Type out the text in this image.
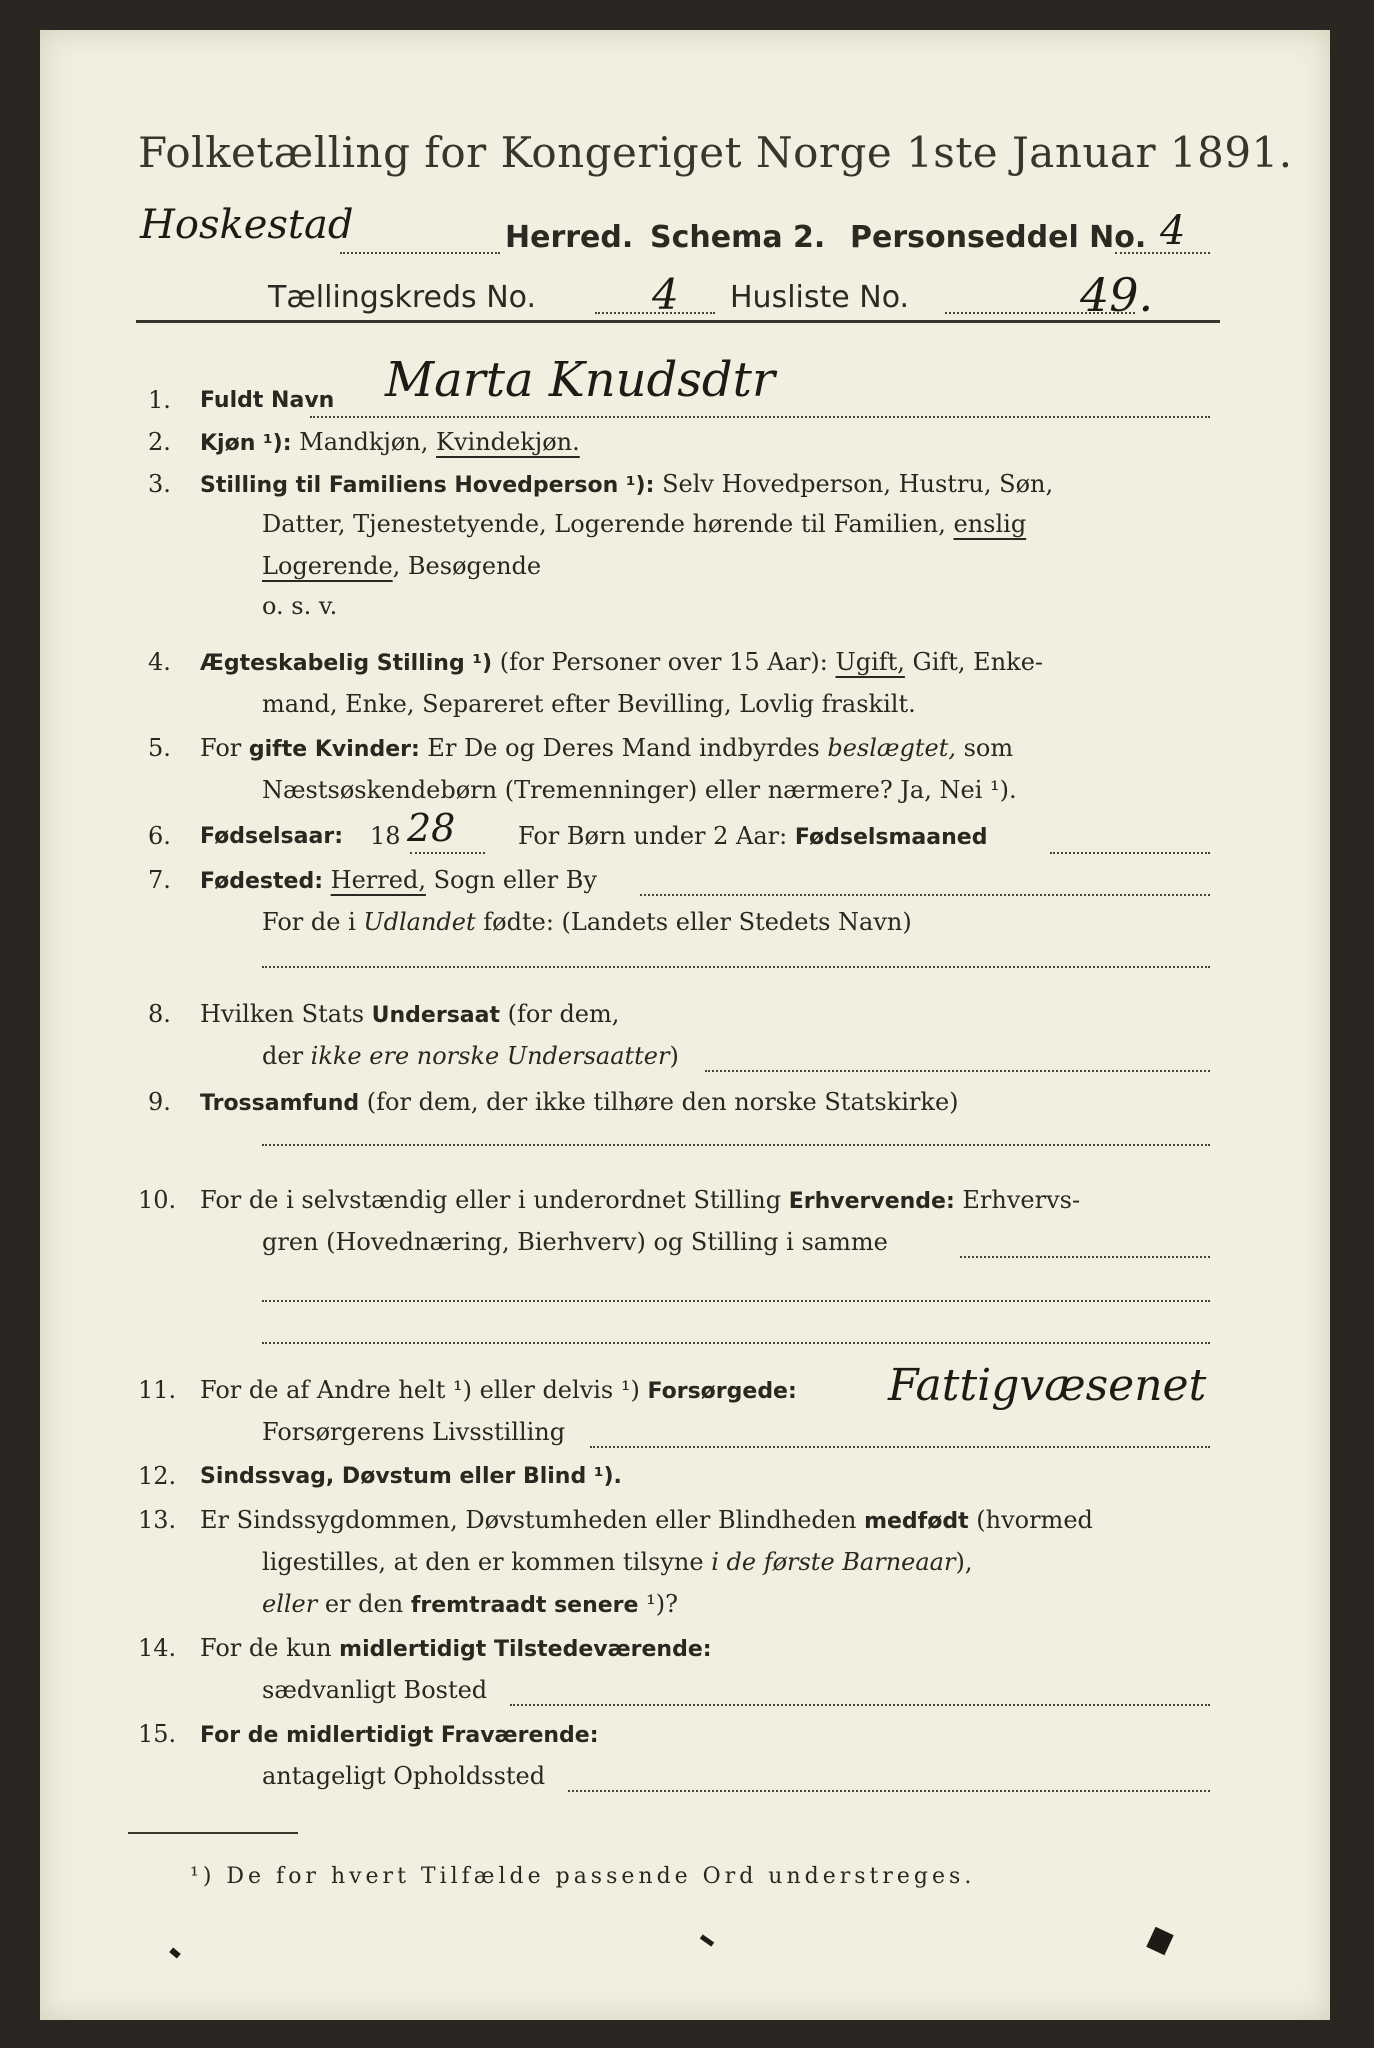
Folketælling for Kongeriget Norge 1ste Januar 1891.
Hoskestad	Herred. Schema 2. Personseddel No. 4
Tællingskreds No.	4 Husliste No.	49.
1. Fuldt Navn Marta Knudsdtr
2. Kjøn ¹): Mandkjøn, Kvindekjøn.
3. Stilling til Familiens Hovedperson ¹): Selv Hovedperson, Hustru, Søn,
Datter, Tjenestetyende, Logerende hørende til Familien, enslig
Logerende, Besøgende
o. s. v.
4. Ægteskabelig Stilling ¹) (for Personer over 15 Aar): Ugift, Gift, Enke-
mand, Enke, Separeret efter Bevilling, Lovlig fraskilt.
5. For gifte Kvinder: Er De og Deres Mand indbyrdes beslægtet, som
Næstsøskendebørn (Tremenninger) eller nærmere? Ja, Nei ¹).
6. Fødselsaar: 18 28	For Børn under 2 Aar: Fødselsmaaned
7. Fødested: Herred, Sogn eller By
For de i Udlandet fødte: (Landets eller Stedets Navn)
8. Hvilken Stats Undersaat (for dem,
der ikke ere norske Undersaatter)
9. Trossamfund (for dem, der ikke tilhøre den norske Statskirke)
10. For de i selvstændig eller i underordnet Stilling Erhvervende: Erhvervs-
gren (Hovednæring, Bierhverv) og Stilling i samme
11. For de af Andre helt ¹) eller delvis ¹) Forsørgede: Fattigvæsenet
Forsørgerens Livsstilling
12. Sindssvag, Døvstum eller Blind ¹).
13. Er Sindssygdommen, Døvstumheden eller Blindheden medfødt (hvormed
ligestilles, at den er kommen tilsyne i de første Barneaar),
eller er den fremtraadt senere ¹)?
14. For de kun midlertidigt Tilstedeværende:
sædvanligt Bosted
15. For de midlertidigt Fraværende:
antageligt Opholdssted
¹) De for hvert Tilfælde passende Ord understreges.
